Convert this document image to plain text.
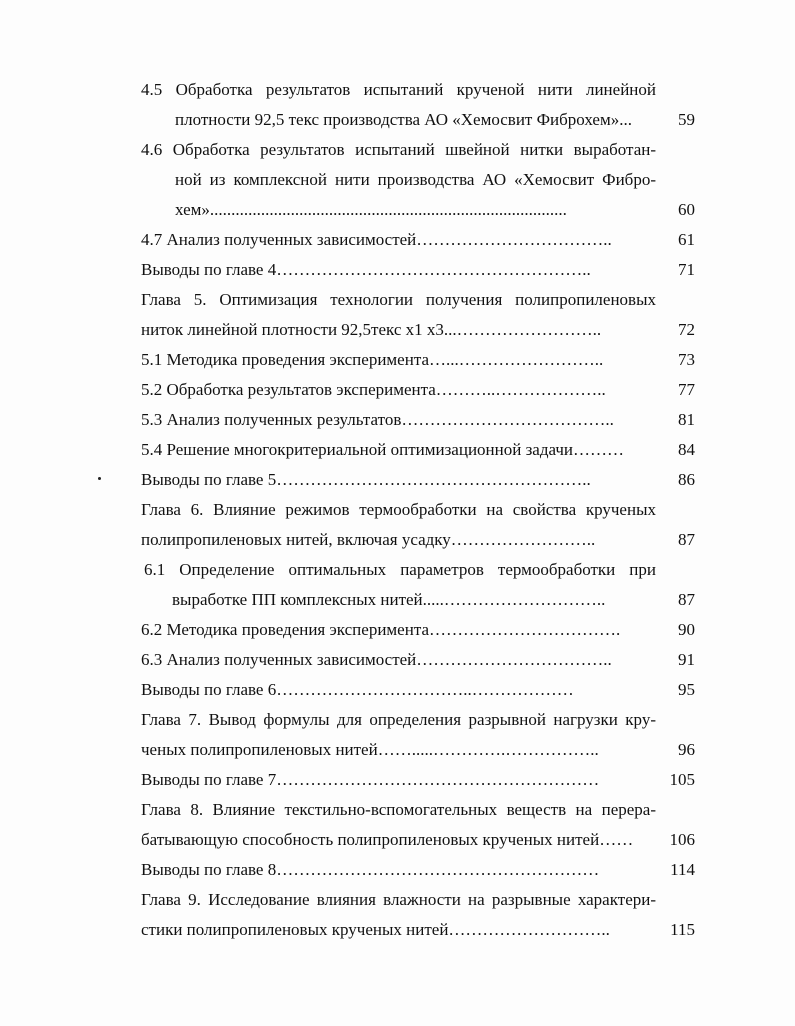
4.5 Обработка результатов испытаний крученой нити линейной
плотности 92,5 текс производства АО «Хемосвит Фиброхем»...	59
4.6 Обработка результатов испытаний швейной нитки выработан-
ной из комплексной нити производства АО «Хемосвит Фибро-
хем»....................................................................................	60
4.7 Анализ полученных зависимостей……………………………..	61
Выводы по главе 4………………………………………………..	71
Глава 5. Оптимизация технологии получения полипропиленовых
ниток линейной плотности 92,5текс х1 х3...……………………..	72
5.1 Методика проведения эксперимента…...……………………..	73
5.2 Обработка результатов эксперимента………..………………..	77
5.3 Анализ полученных результатов………………………………..	81
5.4 Решение многокритериальной оптимизационной задачи………	84
Выводы по главе 5………………………………………………..	86
Глава 6. Влияние режимов термообработки на свойства крученых
полипропиленовых нитей, включая усадку……………………..	87
6.1 Определение оптимальных параметров термообработки при
выработке ПП комплексных нитей.....………………………..	87
6.2 Методика проведения эксперимента…………………………….	90
6.3 Анализ полученных зависимостей……………………………..	91
Выводы по главе 6……………………………..………………	95
Глава 7. Вывод формулы для определения разрывной нагрузки кру-
ченых полипропиленовых нитей…….....………….……………..	96
Выводы по главе 7…………………………………………………	105
Глава 8. Влияние текстильно-вспомогательных веществ на перера-
батывающую способность полипропиленовых крученых нитей……	106
Выводы по главе 8…………………………………………………	114
Глава 9. Исследование влияния влажности на разрывные характери-
стики полипропиленовых крученых нитей………………………..	115
